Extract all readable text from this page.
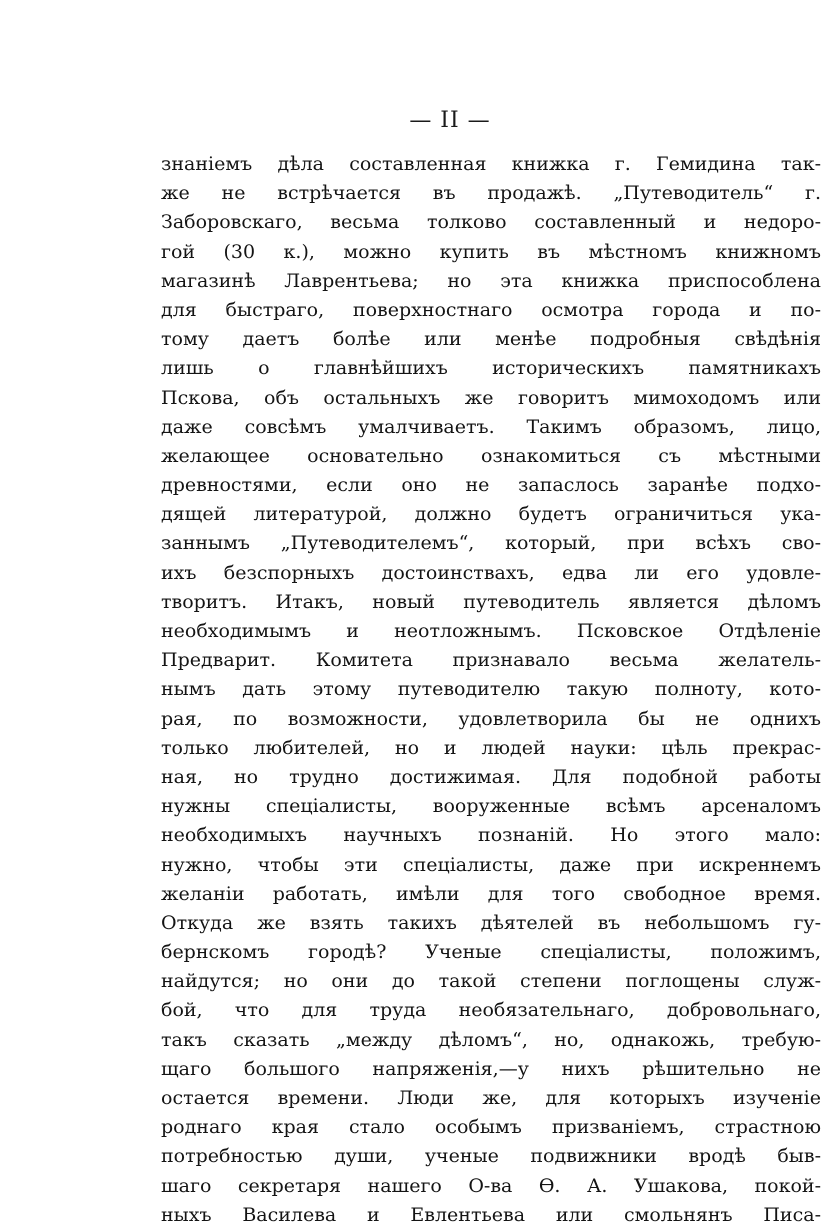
— II —
знаніемъ дѣла составленная книжка г. Гемидина так-
же не встрѣчается въ продажѣ. „Путеводитель“ г.
Заборовскаго, весьма толково составленный и недоро-
гой (30 к.), можно купить въ мѣстномъ книжномъ
магазинѣ Лаврентьева; но эта книжка приспособлена
для быстраго, поверхностнаго осмотра города и по-
тому даетъ болѣе или менѣе подробныя свѣдѣнія
лишь о главнѣйшихъ историческихъ памятникахъ
Пскова, объ остальныхъ же говоритъ мимоходомъ или
даже совсѣмъ умалчиваетъ. Такимъ образомъ, лицо,
желающее основательно ознакомиться съ мѣстными
древностями, если оно не запаслось заранѣе подхо-
дящей литературой, должно будетъ ограничиться ука-
заннымъ „Путеводителемъ“, который, при всѣхъ сво-
ихъ безспорныхъ достоинствахъ, едва ли его удовле-
творитъ. Итакъ, новый путеводитель является дѣломъ
необходимымъ и неотложнымъ. Псковское Отдѣленіе
Предварит. Комитета признавало весьма желатель-
нымъ дать этому путеводителю такую полноту, кото-
рая, по возможности, удовлетворила бы не однихъ
только любителей, но и людей науки: цѣль прекрас-
ная, но трудно достижимая. Для подобной работы
нужны спеціалисты, вооруженные всѣмъ арсеналомъ
необходимыхъ научныхъ познаній. Но этого мало:
нужно, чтобы эти спеціалисты, даже при искреннемъ
желаніи работать, имѣли для того свободное время.
Откуда же взять такихъ дѣятелей въ небольшомъ гу-
бернскомъ городѣ? Ученые спеціалисты, положимъ,
найдутся; но они до такой степени поглощены служ-
бой, что для труда необязательнаго, добровольнаго,
такъ сказать „между дѣломъ“, но, однакожь, требую-
щаго большого напряженія,—у нихъ рѣшительно не
остается времени. Люди же, для которыхъ изученіе
роднаго края стало особымъ призваніемъ, страстною
потребностью души, ученые подвижники вродѣ быв-
шаго секретаря нашего О-ва Ѳ. А. Ушакова, покой-
ныхъ Василева и Евлентьева или смольнянъ Писа-
